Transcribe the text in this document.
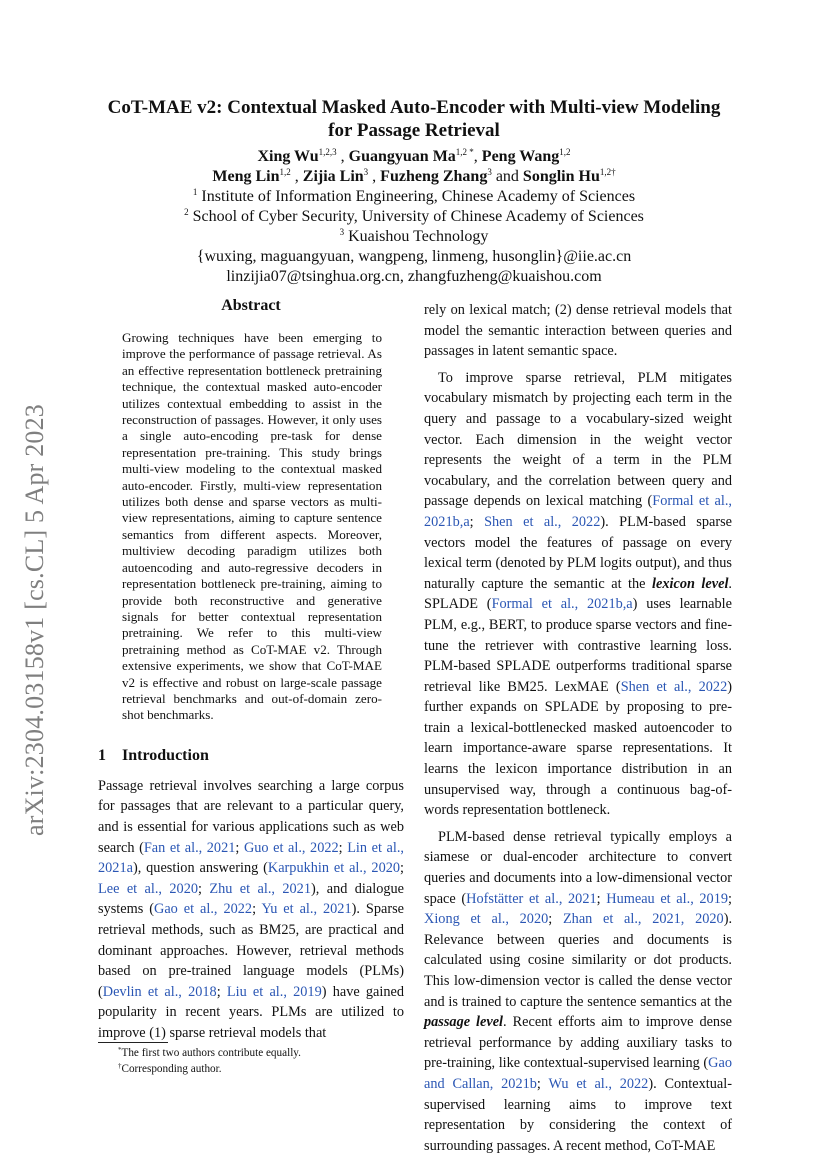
arXiv:2304.03158v1 [cs.CL] 5 Apr 2023
CoT-MAE v2: Contextual Masked Auto-Encoder with Multi-view Modeling for Passage Retrieval
Xing Wu$^{1,2,3}$ , Guangyuan $Ma^{1,2 *}$, Peng Wang$^{1,2}$
Meng Lin$^{1,2}$ , Zijia Lin$^3$ , Fuzheng Zhang$^3$ and Songlin $Hu^{1,2\dagger}$
$^1$ Institute of Information Engineering, Chinese Academy of Sciences
$^2$ School of Cyber Security, University of Chinese Academy of Sciences
$^3$ Kuaishou Technology
{wuxing, maguangyuan, wangpeng, linmeng, husonglin}@iie.ac.cn
linzijia07@tsinghua.org.cn, zhangfuzheng@kuaishou.com
Abstract
Growing techniques have been emerging to improve the performance of passage retrieval. As an effective representation bottleneck pretraining technique, the contextual masked auto-encoder utilizes contextual embedding to assist in the reconstruction of passages. However, it only uses a single auto-encoding pre-task for dense representation pre-training. This study brings multi-view modeling to the contextual masked auto-encoder. Firstly, multi-view representation utilizes both dense and sparse vectors as multi-view representations, aiming to capture sentence semantics from different aspects. Moreover, multiview decoding paradigm utilizes both autoencoding and auto-regressive decoders in representation bottleneck pre-training, aiming to provide both reconstructive and generative signals for better contextual representation pretraining. We refer to this multi-view pretraining method as CoT-MAE v2. Through extensive experiments, we show that CoT-MAE v2 is effective and robust on large-scale passage retrieval benchmarks and out-of-domain zero-shot benchmarks.
1 Introduction

Passage retrieval involves searching a large corpus for passages that are relevant to a particular query, and is essential for various applications such as web search (Fan et al., 2021; Guo et al., 2022; Lin et al., 2021a), question answering (Karpukhin et al., 2020; Lee et al., 2020; Zhu et al., 2021), and dialogue systems (Gao et al., 2022; Yu et al., 2021). Sparse retrieval methods, such as BM25, are practical and dominant approaches. However, retrieval methods based on pre-trained language models (PLMs) (Devlin et al., 2018; Liu et al., 2019) have gained popularity in recent years. PLMs are utilized to improve (1) sparse retrieval models that

rely on lexical match; (2) dense retrieval models that model the semantic interaction between queries and passages in latent semantic space.

To improve sparse retrieval, PLM mitigates vocabulary mismatch by projecting each term in the query and passage to a vocabulary-sized weight vector. Each dimension in the weight vector represents the weight of a term in the PLM vocabulary, and the correlation between query and passage depends on lexical matching (Formal et al., 2021b,a; Shen et al., 2022). PLM-based sparse vectors model the features of passage on every lexical term (denoted by PLM logits output), and thus naturally capture the semantic at the lexicon level. SPLADE (Formal et al., 2021b,a) uses learnable PLM, e.g., BERT, to produce sparse vectors and fine-tune the retriever with contrastive learning loss. PLM-based SPLADE outperforms traditional sparse retrieval like BM25. LexMAE (Shen et al., 2022) further expands on SPLADE by proposing to pre-train a lexical-bottlenecked masked autoencoder to learn importance-aware sparse representations. It learns the lexicon importance distribution in an unsupervised way, through a continuous bag-of-words representation bottleneck.

PLM-based dense retrieval typically employs a siamese or dual-encoder architecture to convert queries and documents into a low-dimensional vector space (Hofstätter et al., 2021; Humeau et al., 2019; Xiong et al., 2020; Zhan et al., 2021, 2020). Relevance between queries and documents is calculated using cosine similarity or dot products. This low-dimension vector is called the dense vector and is trained to capture the sentence semantics at the passage level. Recent efforts aim to improve dense retrieval performance by adding auxiliary tasks to pre-training, like contextual-supervised learning (Gao and Callan, 2021b; Wu et al., 2022). Contextual-supervised learning aims to improve text representation by considering the context of surrounding passages. A recent method, CoT-MAE

*The first two authors contribute equally.
†Corresponding author.
